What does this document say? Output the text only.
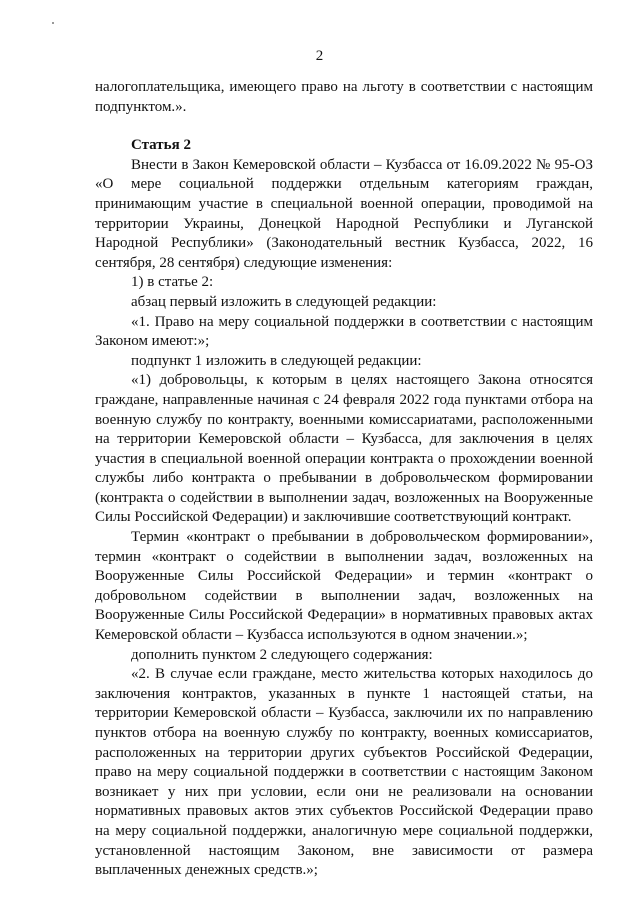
2

налогоплательщика, имеющего право на льготу в соответствии с настоящим подпунктом.».

Статья 2

Внести в Закон Кемеровской области – Кузбасса от 16.09.2022 № 95-ОЗ «О мере социальной поддержки отдельным категориям граждан, принимающим участие в специальной военной операции, проводимой на территории Украины, Донецкой Народной Республики и Луганской Народной Республики» (Законодательный вестник Кузбасса, 2022, 16 сентября, 28 сентября) следующие изменения:

1) в статье 2:

абзац первый изложить в следующей редакции:

«1. Право на меру социальной поддержки в соответствии с настоящим Законом имеют:»;

подпункт 1 изложить в следующей редакции:

«1) добровольцы, к которым в целях настоящего Закона относятся граждане, направленные начиная с 24 февраля 2022 года пунктами отбора на военную службу по контракту, военными комиссариатами, расположенными на территории Кемеровской области – Кузбасса, для заключения в целях участия в специальной военной операции контракта о прохождении военной службы либо контракта о пребывании в добровольческом формировании (контракта о содействии в выполнении задач, возложенных на Вооруженные Силы Российской Федерации) и заключившие соответствующий контракт.

Термин «контракт о пребывании в добровольческом формировании», термин «контракт о содействии в выполнении задач, возложенных на Вооруженные Силы Российской Федерации» и термин «контракт о добровольном содействии в выполнении задач, возложенных на Вооруженные Силы Российской Федерации» в нормативных правовых актах Кемеровской области – Кузбасса используются в одном значении.»;

дополнить пунктом 2 следующего содержания:

«2. В случае если граждане, место жительства которых находилось до заключения контрактов, указанных в пункте 1 настоящей статьи, на территории Кемеровской области – Кузбасса, заключили их по направлению пунктов отбора на военную службу по контракту, военных комиссариатов, расположенных на территории других субъектов Российской Федерации, право на меру социальной поддержки в соответствии с настоящим Законом возникает у них при условии, если они не реализовали на основании нормативных правовых актов этих субъектов Российской Федерации право на меру социальной поддержки, аналогичную мере социальной поддержки, установленной настоящим Законом, вне зависимости от размера выплаченных денежных средств.»;
